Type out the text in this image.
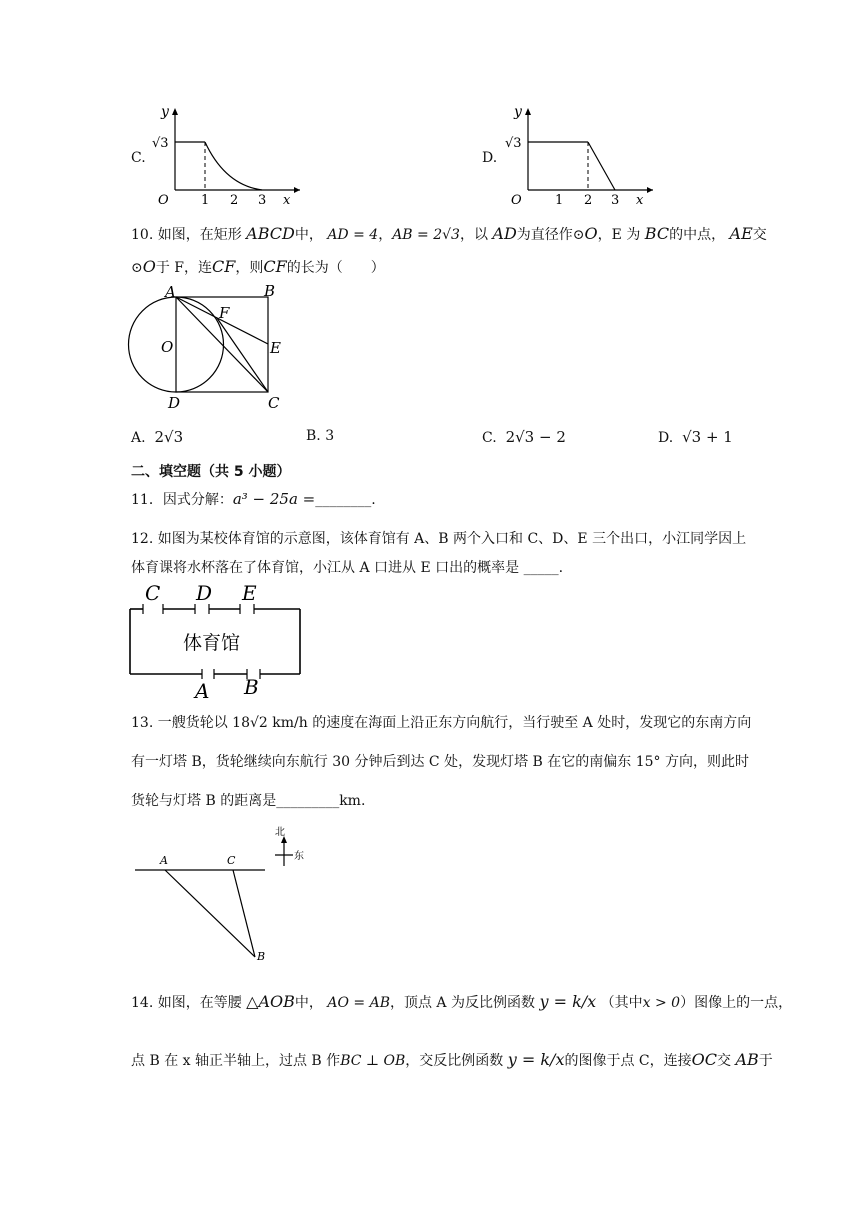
C.
y
x
O
√3
1 2 3
D.
y
x
O
√3
1 2 3
10. 如图，在矩形 ABCD中， AD = 4，AB = 2√3，以 AD为直径作⊙O，E 为 BC的中点， AE交
⊙O于 F，连CF，则CF的长为（　　）
A	B
C
D
E
F
O
A. 2√3	B. 3	C. 2√3 − 2	D. √3 + 1
二、填空题（共 5 小题）
11．因式分解：a³ − 25a =________.
12. 如图为某校体育馆的示意图，该体育馆有 A、B 两个入口和 C、D、E 三个出口，小江同学因上
体育课将水杯落在了体育馆，小江从 A 口进从 E 口出的概率是 _____.
C D E
体育馆
A B
13. 一艘货轮以 18√2 km/h 的速度在海面上沿正东方向航行，当行驶至 A 处时，发现它的东南方向
有一灯塔 B，货轮继续向东航行 30 分钟后到达 C 处，发现灯塔 B 在它的南偏东 15° 方向，则此时
货轮与灯塔 B 的距离是_________km.
北
东
A	C
B
14. 如图，在等腰 △AOB中， AO = AB，顶点 A 为反比例函数 y = k/x （其中x > 0）图像上的一点，
点 B 在 x 轴正半轴上，过点 B 作BC ⊥ OB，交反比例函数 y = k/x的图像于点 C，连接OC交 AB于
